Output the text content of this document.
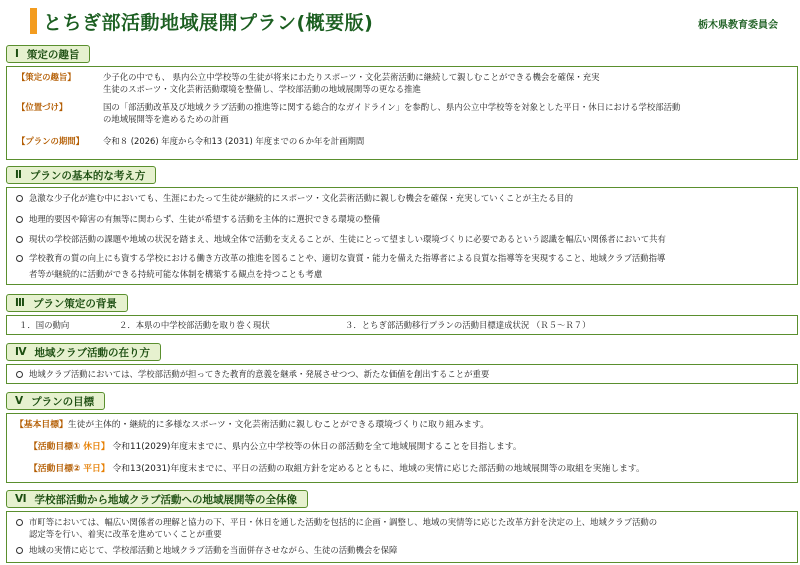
とちぎ部活動地域展開プラン(概要版)	栃木県教育委員会
Ⅰ 策定の趣旨
【策定の趣旨】	少子化の中でも、 県内公立中学校等の生徒が将来にわたりスポーツ・文化芸術活動に継続して親しむことができる機会を確保・充実
生徒のスポーツ・文化芸術活動環境を整備し、学校部活動の地域展開等の更なる推進
【位置づけ】	国の「部活動改革及び地域クラブ活動の推進等に関する総合的なガイドライン」を参酌し、県内公立中学校等を対象とした平日・休日における学校部活動
の地域展開等を進めるための計画
【プランの期間】 令和８ (2026) 年度から令和13 (2031) 年度までの６か年を計画期間
Ⅱ プランの基本的な考え方
急激な少子化が進む中においても、生涯にわたって生徒が継続的にスポーツ・文化芸術活動に親しむ機会を確保・充実していくことが主たる目的
地理的要因や障害の有無等に関わらず、生徒が希望する活動を主体的に選択できる環境の整備
現状の学校部活動の課題や地域の状況を踏まえ、地域全体で活動を支えることが、生徒にとって望ましい環境づくりに必要であるという認識を幅広い関係者において共有
学校教育の質の向上にも資する学校における働き方改革の推進を図ることや、適切な資質・能力を備えた指導者による良質な指導等を実現すること、地域クラブ活動指導
者等が継続的に活動ができる持続可能な体制を構築する観点を持つことも考慮
Ⅲ プラン策定の背景
１．国の動向	２．本県の中学校部活動を取り巻く現状	３．とちぎ部活動移行プランの活動目標達成状況 （Ｒ５～Ｒ７）
Ⅳ 地域クラブ活動の在り方
地域クラブ活動においては、学校部活動が担ってきた教育的意義を継承・発展させつつ、新たな価値を創出することが重要
Ⅴ プランの目標
【基本目標】生徒が主体的・継続的に多様なスポーツ・文化芸術活動に親しむことができる環境づくりに取り組みます。
【活動目標① 休日】 令和11(2029)年度末までに、県内公立中学校等の休日の部活動を全て地域展開することを目指します。
【活動目標② 平日】 令和13(2031)年度末までに、平日の活動の取組方針を定めるとともに、地域の実情に応じた部活動の地域展開等の取組を実施します。
Ⅵ 学校部活動から地域クラブ活動への地域展開等の全体像
市町等においては、幅広い関係者の理解と協力の下、平日・休日を通した活動を包括的に企画・調整し、地域の実情等に応じた改革方針を決定の上、地域クラブ活動の
認定等を行い、着実に改革を進めていくことが重要
地域の実情に応じて、学校部活動と地域クラブ活動を当面併存させながら、生徒の活動機会を保障
